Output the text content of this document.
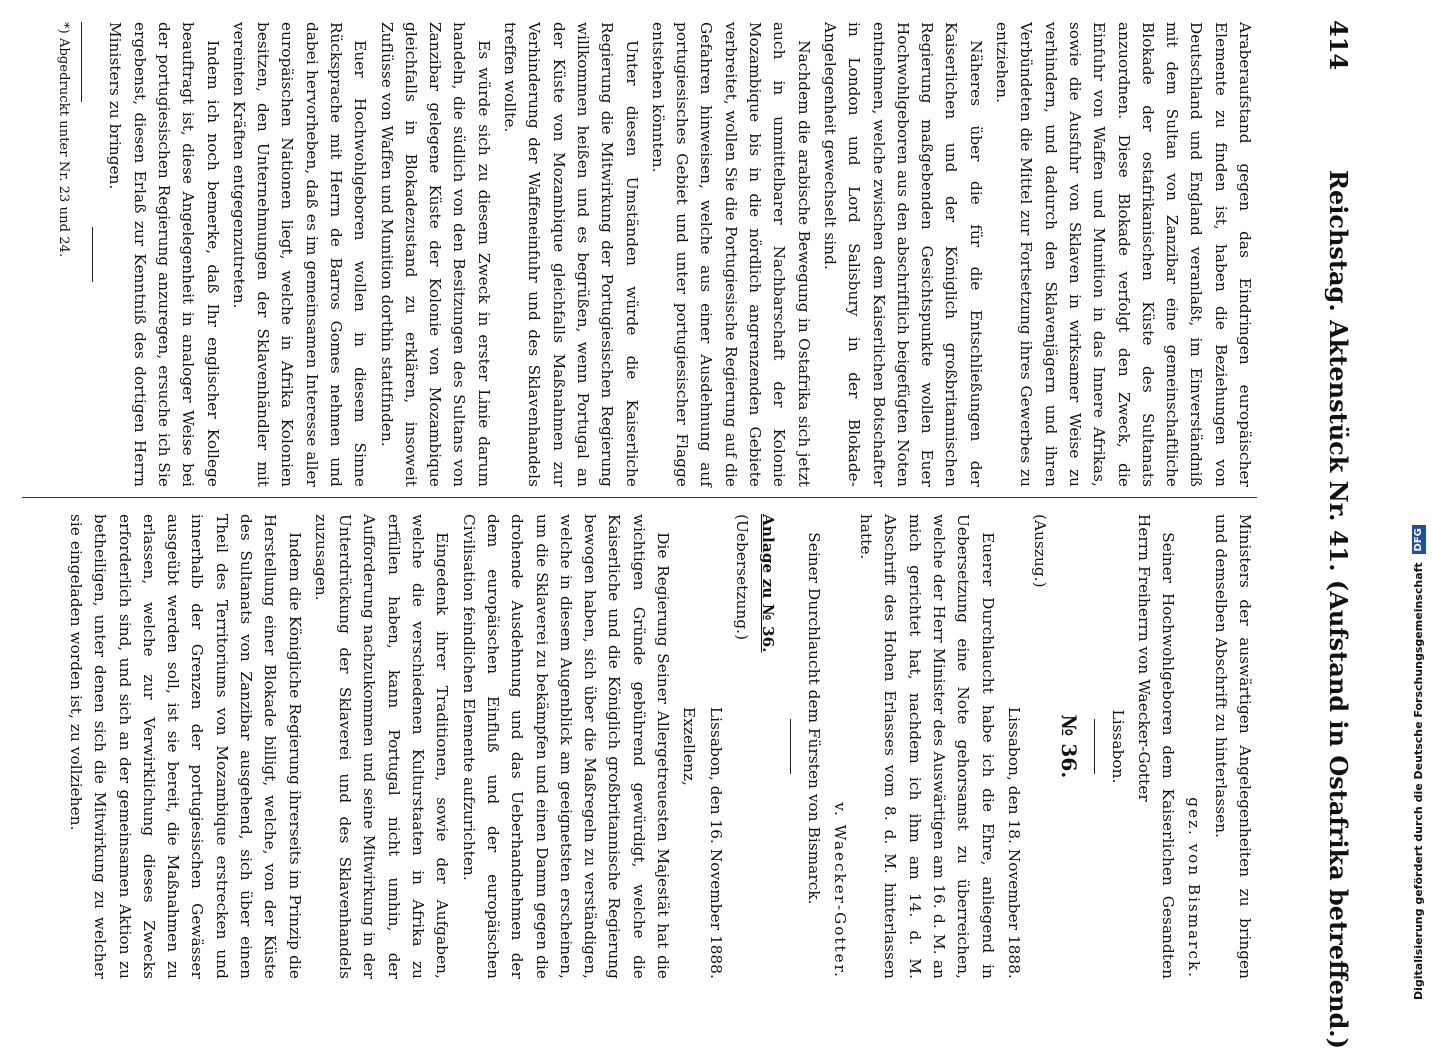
414
Reichstag. Aktenstück Nr. 41. (Aufstand in Ostafrika betreffend.)

Araberaufstand gegen das Eindringen europäischer Elemente zu finden ist, haben die Beziehungen von Deutschland und England veranlaßt, im Einverständniß mit dem Sultan von Zanzibar eine gemeinschaftliche Blokade der ostafrikanischen Küste des Sultanats anzuordnen. Diese Blokade verfolgt den Zweck, die Einfuhr von Waffen und Munition in das Innere Afrikas, sowie die Ausfuhr von Sklaven in wirksamer Weise zu verhindern, und dadurch den Sklavenjägern und ihren Verbündeten die Mittel zur Fortsetzung ihres Gewerbes zu entziehen.

Näheres über die für die Entschließungen der Kaiserlichen und der Königlich großbritannischen Regierung maßgebenden Gesichtspunkte wollen Euer Hochwohlgeboren aus den abschriftlich beigefügten Noten entnehmen, welche zwischen dem Kaiserlichen Botschafter in London und Lord Salisbury in der Blokade-Angelegenheit gewechselt sind.

Nachdem die arabische Bewegung in Ostafrika sich jetzt auch in unmittelbarer Nachbarschaft der Kolonie Mozambique bis in die nördlich angrenzenden Gebiete verbreitet, wollen Sie die Portugiesische Regierung auf die Gefahren hinweisen, welche aus einer Ausdehnung auf portugiesisches Gebiet und unter portugiesischer Flagge entstehen könnten.

Unter diesen Umständen würde die Kaiserliche Regierung die Mitwirkung der Portugiesischen Regierung willkommen heißen und es begrüßen, wenn Portugal an der Küste von Mozambique gleichfalls Maßnahmen zur Verhinderung der Waffeneinfuhr und des Sklavenhandels treffen wollte.

Es würde sich zu diesem Zweck in erster Linie darum handeln, die südlich von den Besitzungen des Sultans von Zanzibar gelegene Küste der Kolonie von Mozambique gleichfalls in Blokadezustand zu erklären, insoweit Zuflüsse von Waffen und Munition dorthin stattfinden.

Euer Hochwohlgeboren wollen in diesem Sinne Rücksprache mit Herrn de Barros Gomes nehmen und dabei hervorheben, daß es im gemeinsamen Interesse aller europäischen Nationen liegt, welche in Afrika Kolonien besitzen, den Unternehmungen der Sklavenhändler mit vereinten Kräften entgegenzutreten.

Indem ich noch bemerke, daß Ihr englischer Kollege beauftragt ist, diese Angelegenheit in analoger Weise bei der portugiesischen Regierung anzuregen, ersuche ich Sie ergebenst, diesen Erlaß zur Kenntniß des dortigen Herrn Ministers zu bringen.

*) Abgedruckt unter Nr. 23 und 24.

Ministers der auswärtigen Angelegenheiten zu bringen und demselben Abschrift zu hinterlassen.

gez. von Bismarck.

Seiner Hochwohlgeboren dem Kaiserlichen Gesandten Herrn Freiherrn von Waecker-Gotter

Lissabon.

№ 36.

(Auszug.)

Lissabon, den 18. November 1888.

Euerer Durchlaucht habe ich die Ehre, anliegend in Uebersetzung eine Note gehorsamst zu überreichen, welche der Herr Minister des Auswärtigen am 16. d. M. an mich gerichtet hat, nachdem ich ihm am 14. d. M. Abschrift des Hohen Erlasses vom 8. d. M. hinterlassen hatte.

v. Waecker-Gotter.

Seiner Durchlaucht dem Fürsten von Bismarck.

Anlage zu № 36.

(Uebersetzung.)

Lissabon, den 16. November 1888.

Exzellenz,

Die Regierung Seiner Allergetreuesten Majestät hat die wichtigen Gründe gebührend gewürdigt, welche die Kaiserliche und die Königlich großbritannische Regierung bewogen haben, sich über die Maßregeln zu verständigen, welche in diesem Augenblick am geeignetsten erscheinen, um die Sklaverei zu bekämpfen und einen Damm gegen die drohende Ausdehnung und das Ueberhandnehmen der dem europäischen Einfluß und der europäischen Civilisation feindlichen Elemente aufzurichten.

Eingedenk ihrer Traditionen, sowie der Aufgaben, welche die verschiedenen Kulturstaaten in Afrika zu erfüllen haben, kann Portugal nicht umhin, der Aufforderung nachzukommen und seine Mitwirkung in der Unterdrückung der Sklaverei und des Sklavenhandels zuzusagen.

Indem die Königliche Regierung ihrerseits im Prinzip die Herstellung einer Blokade billigt, welche, von der Küste des Sultanats von Zanzibar ausgehend, sich über einen Theil des Territoriums von Mozambique erstrecken und innerhalb der Grenzen der portugiesischen Gewässer ausgeübt werden soll, ist sie bereit, die Maßnahmen zu erlassen, welche zur Verwirklichung dieses Zwecks erforderlich sind, und sich an der gemeinsamen Aktion zu betheiligen, unter denen sich die Mitwirkung zu welcher sie eingeladen worden ist, zu vollziehen.	Digitalisierung gefördert durch die Deutsche Forschungsgemeinschaft DFG
